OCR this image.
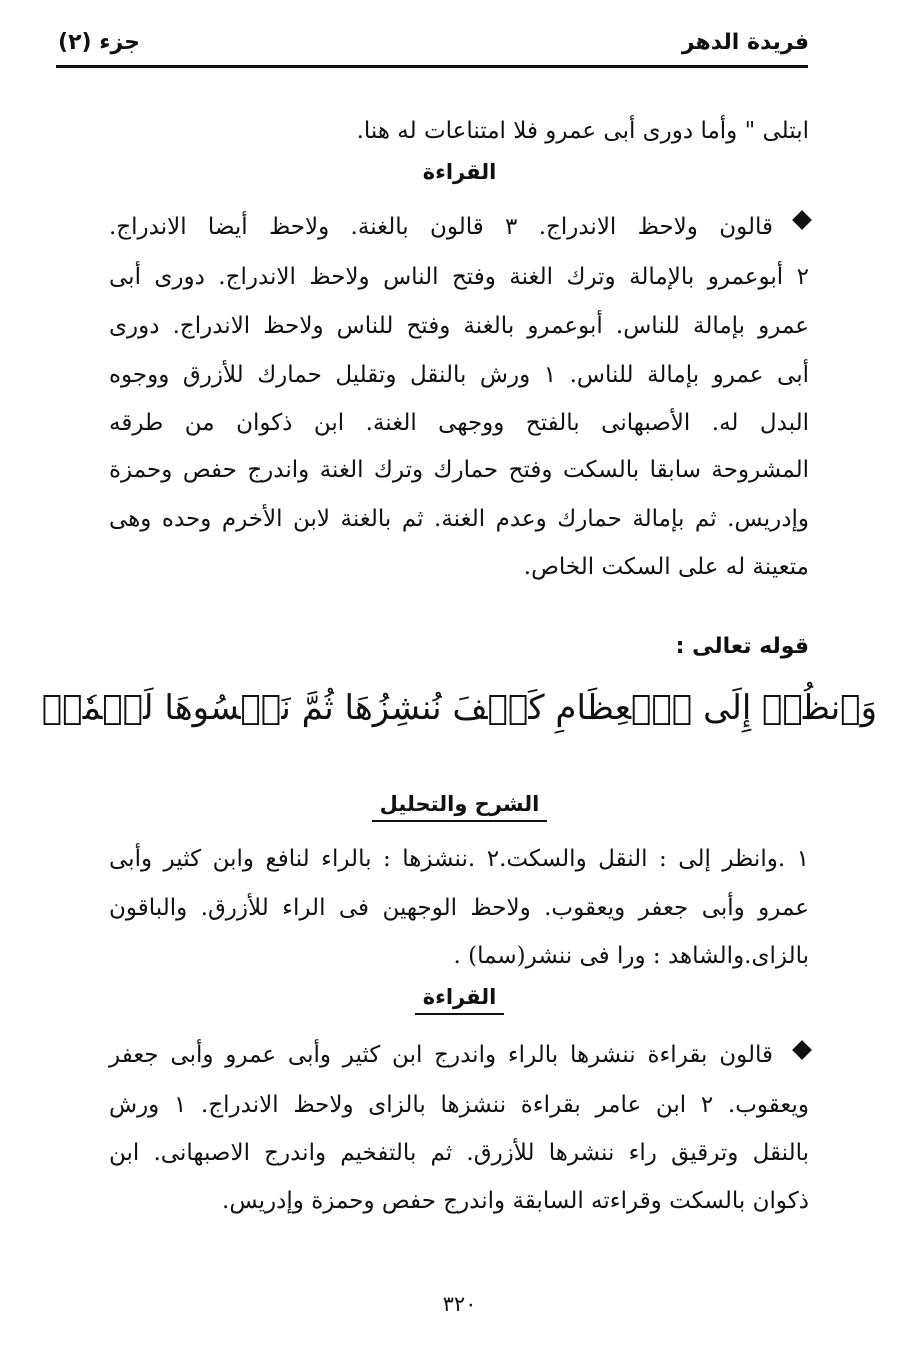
فريدة الدهر
جزء (٢)
ابتلى " وأما دورى أبى عمرو فلا امتناعات له هنا.
القراءة
قالون ولاحظ الاندراج. ٣ قالون بالغنة. ولاحظ أيضا الاندراج.
٢ أبوعمرو بالإمالة وترك الغنة وفتح الناس ولاحظ الاندراج. دورى أبى
عمرو بإمالة للناس. أبوعمرو بالغنة وفتح للناس ولاحظ الاندراج. دورى
أبى عمرو بإمالة للناس. ١ ورش بالنقل وتقليل حمارك للأزرق ووجوه
البدل له. الأصبهانى بالفتح ووجهى الغنة. ابن ذكوان من طرقه
المشروحة سابقا بالسكت وفتح حمارك وترك الغنة واندرج حفص وحمزة
وإدريس. ثم بإمالة حمارك وعدم الغنة. ثم بالغنة لابن الأخرم وحده وهى
متعينة له على السكت الخاص.
قوله تعالى :
وَٱنظُرۡ إِلَى ٱلۡعِظَامِ كَيۡفَ نُنشِزُهَا ثُمَّ نَكۡسُوهَا لَحۡمٗاۚ
الشرح والتحليل
١ .وانظر إلى : النقل والسكت.٢ .ننشزها : بالراء لنافع وابن كثير وأبى
عمرو وأبى جعفر ويعقوب. ولاحظ الوجهين فى الراء للأزرق. والباقون
بالزاى.والشاهد : ورا فى ننشر(سما) .
القراءة
قالون بقراءة ننشرها بالراء واندرج ابن كثير وأبى عمرو وأبى جعفر
ويعقوب. ٢ ابن عامر بقراءة ننشزها بالزاى ولاحظ الاندراج. ١ ورش
بالنقل وترقيق راء ننشرها للأزرق. ثم بالتفخيم واندرج الاصبهانى. ابن
ذكوان بالسكت وقراءته السابقة واندرج حفص وحمزة وإدريس.
٣٢٠
